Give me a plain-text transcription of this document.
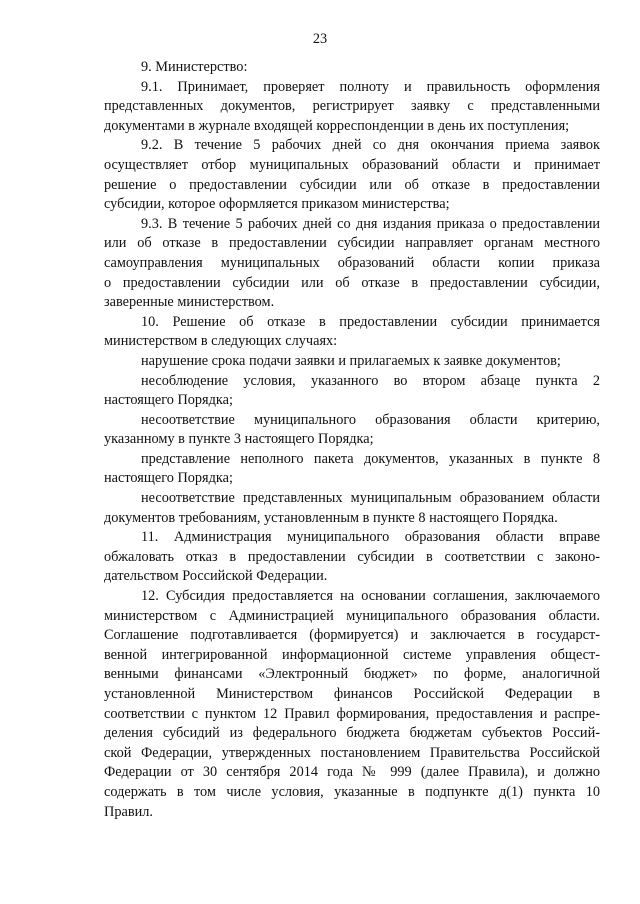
23
9. Министерство:
9.1. Принимает, проверяет полноту и правильность оформления
представленных документов, регистрирует заявку с представленными
документами в журнале входящей корреспонденции в день их поступления;
9.2. В течение 5 рабочих дней со дня окончания приема заявок
осуществляет отбор муниципальных образований области и принимает
решение о предоставлении субсидии или об отказе в предоставлении
субсидии, которое оформляется приказом министерства;
9.3. В течение 5 рабочих дней со дня издания приказа о предоставлении
или об отказе в предоставлении субсидии направляет органам местного
самоуправления муниципальных образований области копии приказа
о предоставлении субсидии или об отказе в предоставлении субсидии,
заверенные министерством.
10. Решение об отказе в предоставлении субсидии принимается
министерством в следующих случаях:
нарушение срока подачи заявки и прилагаемых к заявке документов;
несоблюдение условия, указанного во втором абзаце пункта 2
настоящего Порядка;
несоответствие муниципального образования области критерию,
указанному в пункте 3 настоящего Порядка;
представление неполного пакета документов, указанных в пункте 8
настоящего Порядка;
несоответствие представленных муниципальным образованием области
документов требованиям, установленным в пункте 8 настоящего Порядка.
11. Администрация муниципального образования области вправе
обжаловать отказ в предоставлении субсидии в соответствии с законо-
дательством Российской Федерации.
12. Субсидия предоставляется на основании соглашения, заключаемого
министерством с Администрацией муниципального образования области.
Соглашение подготавливается (формируется) и заключается в государст-
венной интегрированной информационной системе управления общест-
венными финансами «Электронный бюджет» по форме, аналогичной
установленной Министерством финансов Российской Федерации в
соответствии с пунктом 12 Правил формирования, предоставления и распре-
деления субсидий из федерального бюджета бюджетам субъектов Россий-
ской Федерации, утвержденных постановлением Правительства Российской
Федерации от 30 сентября 2014 года № 999 (далее Правила), и должно
содержать в том числе условия, указанные в подпункте д(1) пункта 10
Правил.
